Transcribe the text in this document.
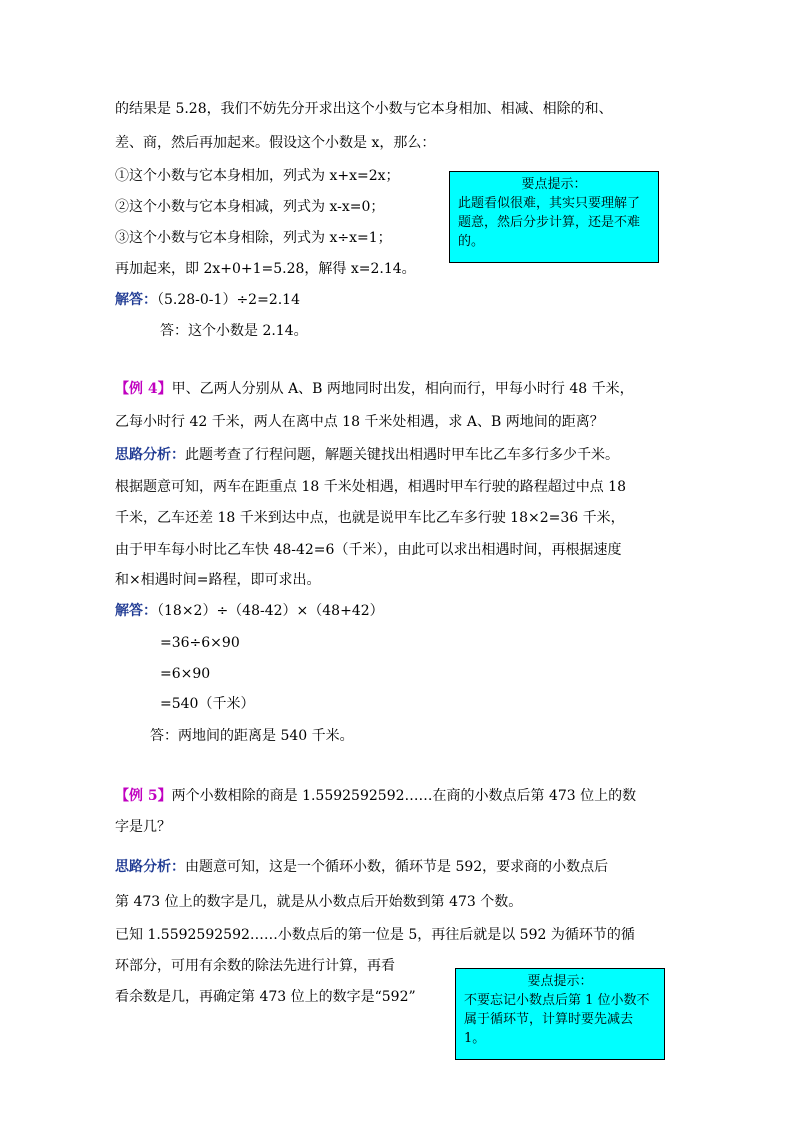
的结果是 5.28，我们不妨先分开求出这个小数与它本身相加、相减、相除的和、
差、商，然后再加起来。假设这个小数是 x，那么：
①这个小数与它本身相加，列式为 x+x=2x；
②这个小数与它本身相减，列式为 x-x=0；
③这个小数与它本身相除，列式为 x÷x=1；
再加起来，即 2x+0+1=5.28，解得 x=2.14。
要点提示：
此题看似很难，其实只要理解了题意，然后分步计算，还是不难的。
解答：（5.28-0-1）÷2=2.14
答：这个小数是 2.14。
【例 4】甲、乙两人分别从 A、B 两地同时出发，相向而行，甲每小时行 48 千米，
乙每小时行 42 千米，两人在离中点 18 千米处相遇，求 A、B 两地间的距离？
思路分析：此题考查了行程问题，解题关键找出相遇时甲车比乙车多行多少千米。
根据题意可知，两车在距重点 18 千米处相遇，相遇时甲车行驶的路程超过中点 18
千米，乙车还差 18 千米到达中点，也就是说甲车比乙车多行驶 18×2=36 千米，
由于甲车每小时比乙车快 48-42=6（千米），由此可以求出相遇时间，再根据速度
和×相遇时间=路程，即可求出。
解答：（18×2）÷（48-42）×（48+42）
=36÷6×90
=6×90
=540（千米）
答：两地间的距离是 540 千米。
【例 5】两个小数相除的商是 1.5592592592……在商的小数点后第 473 位上的数
字是几？
思路分析：由题意可知，这是一个循环小数，循环节是 592，要求商的小数点后
第 473 位上的数字是几，就是从小数点后开始数到第 473 个数。
已知 1.5592592592……小数点后的第一位是 5，再往后就是以 592 为循环节的循
环部分，可用有余数的除法先进行计算，再看
看余数是几，再确定第 473 位上的数字是“592”
要点提示：
不要忘记小数点后第 1 位小数不属于循环节，计算时要先减去 1。
